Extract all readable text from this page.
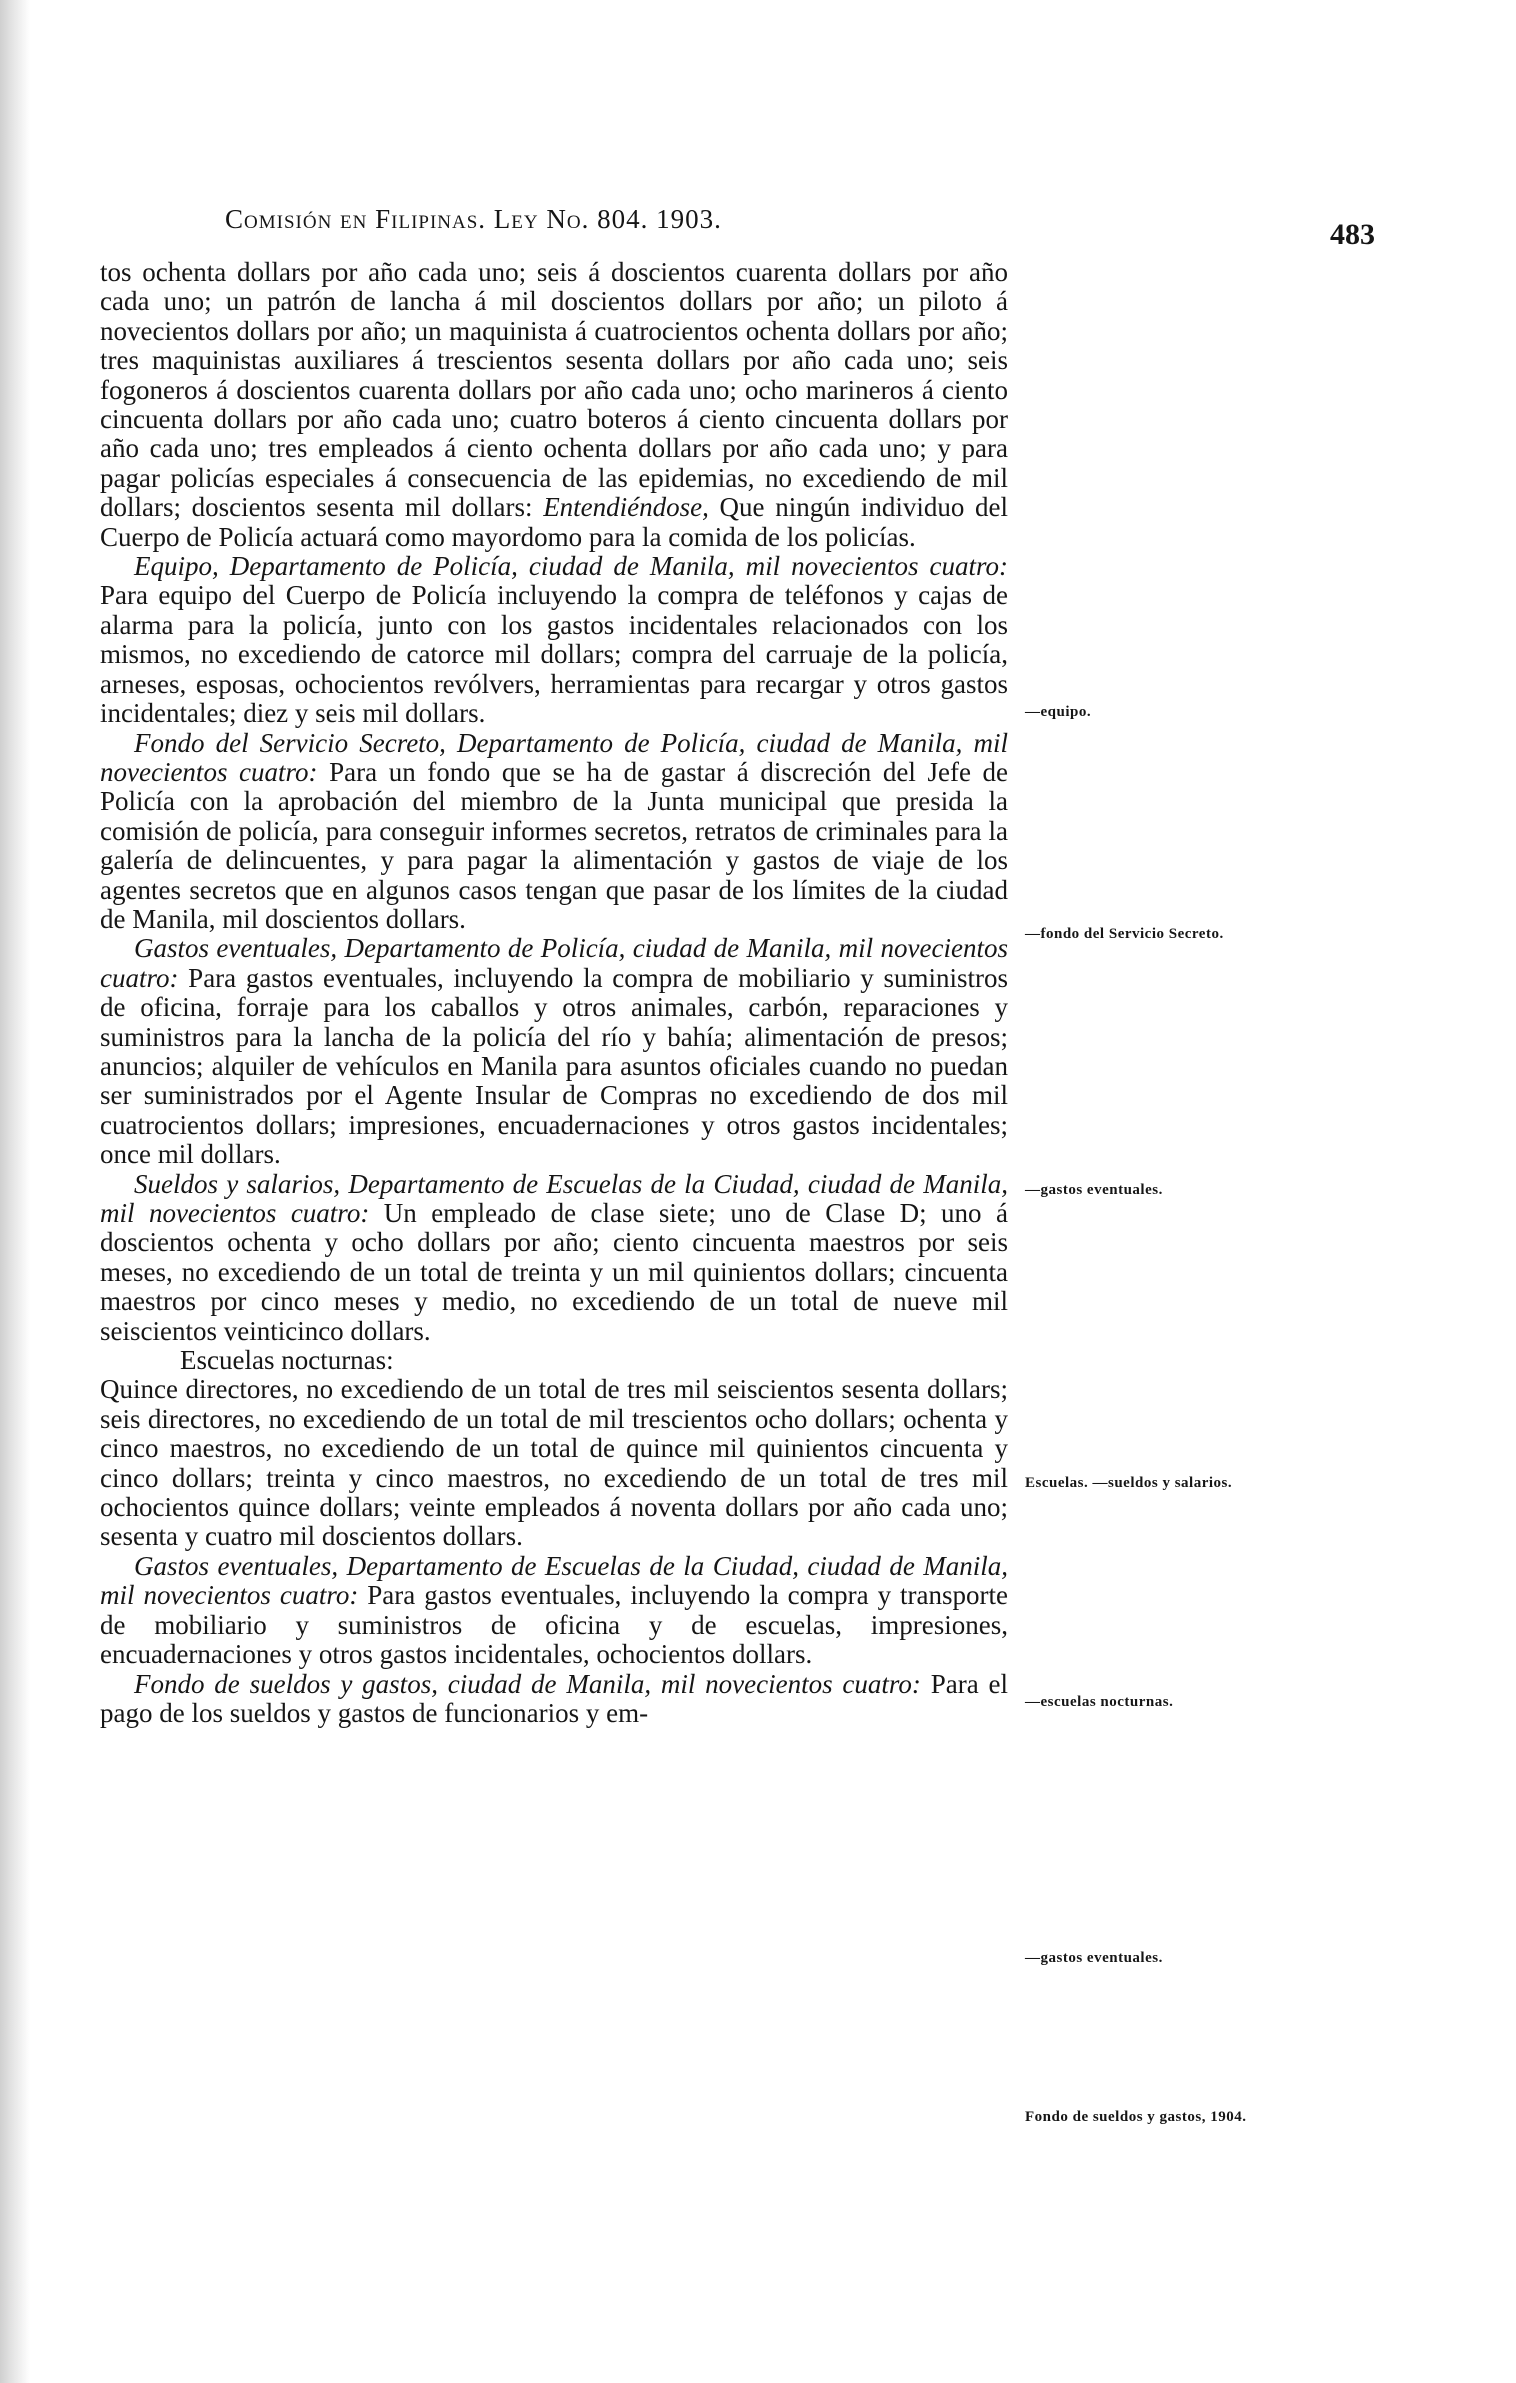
Comisión en Filipinas. Ley No. 804. 1903.	483

tos ochenta dollars por año cada uno; seis á doscientos cuarenta dollars por año cada uno; un patrón de lancha á mil doscientos dollars por año; un piloto á novecientos dollars por año; un maquinista á cuatrocientos ochenta dollars por año; tres maquinistas auxiliares á trescientos sesenta dollars por año cada uno; seis fogoneros á doscientos cuarenta dollars por año cada uno; ocho marineros á ciento cincuenta dollars por año cada uno; cuatro boteros á ciento cincuenta dollars por año cada uno; tres empleados á ciento ochenta dollars por año cada uno; y para pagar policías especiales á consecuencia de las epidemias, no excediendo de mil dollars; doscientos sesenta mil dollars: Entendiéndose, Que ningún individuo del Cuerpo de Policía actuará como mayordomo para la comida de los policías.

Equipo, Departamento de Policía, ciudad de Manila, mil novecientos cuatro: Para equipo del Cuerpo de Policía incluyendo la compra de teléfonos y cajas de alarma para la policía, junto con los gastos incidentales relacionados con los mismos, no excediendo de catorce mil dollars; compra del carruaje de la policía, arneses, esposas, ochocientos revólvers, herramientas para recargar y otros gastos incidentales; diez y seis mil dollars.

Fondo del Servicio Secreto, Departamento de Policía, ciudad de Manila, mil novecientos cuatro: Para un fondo que se ha de gastar á discreción del Jefe de Policía con la aprobación del miembro de la Junta municipal que presida la comisión de policía, para conseguir informes secretos, retratos de criminales para la galería de delincuentes, y para pagar la alimentación y gastos de viaje de los agentes secretos que en algunos casos tengan que pasar de los límites de la ciudad de Manila, mil doscientos dollars.

Gastos eventuales, Departamento de Policía, ciudad de Manila, mil novecientos cuatro: Para gastos eventuales, incluyendo la compra de mobiliario y suministros de oficina, forraje para los caballos y otros animales, carbón, reparaciones y suministros para la lancha de la policía del río y bahía; alimentación de presos; anuncios; alquiler de vehículos en Manila para asuntos oficiales cuando no puedan ser suministrados por el Agente Insular de Compras no excediendo de dos mil cuatrocientos dollars; impresiones, encuadernaciones y otros gastos incidentales; once mil dollars.

Sueldos y salarios, Departamento de Escuelas de la Ciudad, ciudad de Manila, mil novecientos cuatro: Un empleado de clase siete; uno de Clase D; uno á doscientos ochenta y ocho dollars por año; ciento cincuenta maestros por seis meses, no excediendo de un total de treinta y un mil quinientos dollars; cincuenta maestros por cinco meses y medio, no excediendo de un total de nueve mil seiscientos veinticinco dollars.

Escuelas nocturnas:

Quince directores, no excediendo de un total de tres mil seiscientos sesenta dollars; seis directores, no excediendo de un total de mil trescientos ocho dollars; ochenta y cinco maestros, no excediendo de un total de quince mil quinientos cincuenta y cinco dollars; treinta y cinco maestros, no excediendo de un total de tres mil ochocientos quince dollars; veinte empleados á noventa dollars por año cada uno; sesenta y cuatro mil doscientos dollars.

Gastos eventuales, Departamento de Escuelas de la Ciudad, ciudad de Manila, mil novecientos cuatro: Para gastos eventuales, incluyendo la compra y transporte de mobiliario y suministros de oficina y de escuelas, impresiones, encuadernaciones y otros gastos incidentales, ochocientos dollars.

Fondo de sueldos y gastos, ciudad de Manila, mil novecientos cuatro: Para el pago de los sueldos y gastos de funcionarios y em-

—equipo.
—fondo del Servicio Secreto.
—gastos eventuales.
Escuelas. —sueldos y salarios.
—escuelas nocturnas.
—gastos eventuales.
Fondo de sueldos y gastos, 1904.
